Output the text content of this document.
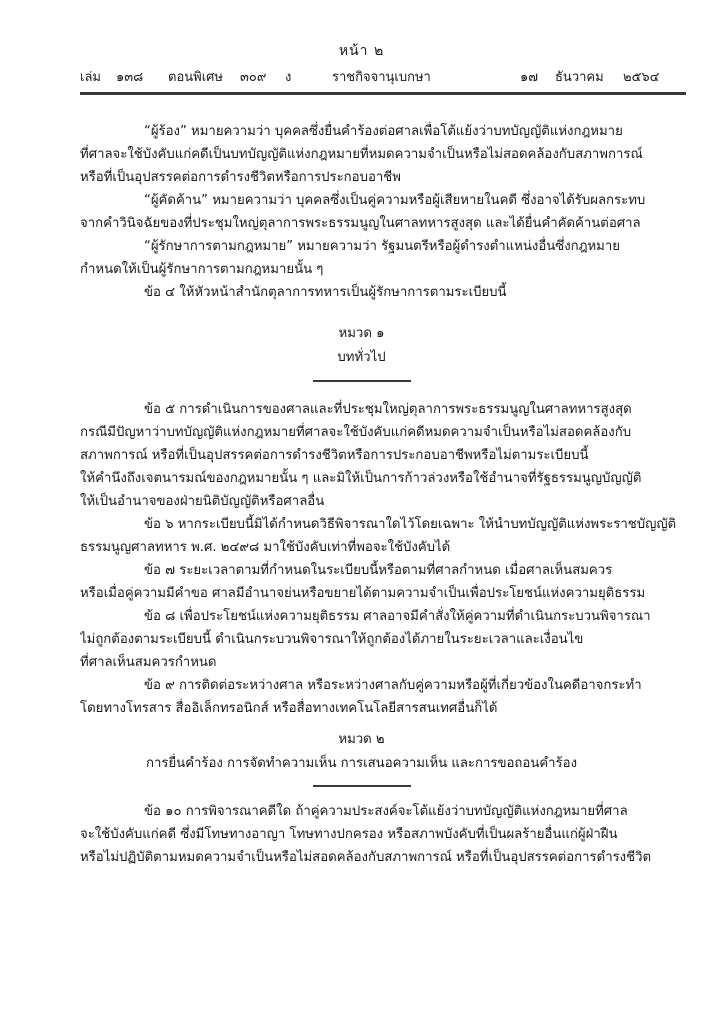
หน้า ๒
เล่ม ๑๓๘ ตอนพิเศษ ๓๐๙ ง	ราชกิจจานุเบกษา	๑๗ ธันวาคม ๒๕๖๔

“ผู้ร้อง” หมายความว่า บุคคลซึ่งยื่นคำร้องต่อศาลเพื่อโต้แย้งว่าบทบัญญัติแห่งกฎหมาย
ที่ศาลจะใช้บังคับแก่คดีเป็นบทบัญญัติแห่งกฎหมายที่หมดความจำเป็นหรือไม่สอดคล้องกับสภาพการณ์
หรือที่เป็นอุปสรรคต่อการดำรงชีวิตหรือการประกอบอาชีพ

“ผู้คัดค้าน” หมายความว่า บุคคลซึ่งเป็นคู่ความหรือผู้เสียหายในคดี ซึ่งอาจได้รับผลกระทบ
จากคำวินิจฉัยของที่ประชุมใหญ่ตุลาการพระธรรมนูญในศาลทหารสูงสุด และได้ยื่นคำคัดค้านต่อศาล

“ผู้รักษาการตามกฎหมาย” หมายความว่า รัฐมนตรีหรือผู้ดำรงตำแหน่งอื่นซึ่งกฎหมาย
กำหนดให้เป็นผู้รักษาการตามกฎหมายนั้น ๆ

ข้อ ๔ ให้หัวหน้าสำนักตุลาการทหารเป็นผู้รักษาการตามระเบียบนี้

หมวด ๑
บททั่วไป

ข้อ ๕ การดำเนินการของศาลและที่ประชุมใหญ่ตุลาการพระธรรมนูญในศาลทหารสูงสุด
กรณีมีปัญหาว่าบทบัญญัติแห่งกฎหมายที่ศาลจะใช้บังคับแก่คดีหมดความจำเป็นหรือไม่สอดคล้องกับ
สภาพการณ์ หรือที่เป็นอุปสรรคต่อการดำรงชีวิตหรือการประกอบอาชีพหรือไม่ตามระเบียบนี้
ให้คำนึงถึงเจตนารมณ์ของกฎหมายนั้น ๆ และมิให้เป็นการก้าวล่วงหรือใช้อำนาจที่รัฐธรรมนูญบัญญัติ
ให้เป็นอำนาจของฝ่ายนิติบัญญัติหรือศาลอื่น

ข้อ ๖ หากระเบียบนี้มิได้กำหนดวิธีพิจารณาใดไว้โดยเฉพาะ ให้นำบทบัญญัติแห่งพระราชบัญญัติ
ธรรมนูญศาลทหาร พ.ศ. ๒๔๙๘ มาใช้บังคับเท่าที่พอจะใช้บังคับได้

ข้อ ๗ ระยะเวลาตามที่กำหนดในระเบียบนี้หรือตามที่ศาลกำหนด เมื่อศาลเห็นสมควร
หรือเมื่อคู่ความมีคำขอ ศาลมีอำนาจย่นหรือขยายได้ตามความจำเป็นเพื่อประโยชน์แห่งความยุติธรรม

ข้อ ๘ เพื่อประโยชน์แห่งความยุติธรรม ศาลอาจมีคำสั่งให้คู่ความที่ดำเนินกระบวนพิจารณา
ไม่ถูกต้องตามระเบียบนี้ ดำเนินกระบวนพิจารณาให้ถูกต้องได้ภายในระยะเวลาและเงื่อนไข
ที่ศาลเห็นสมควรกำหนด

ข้อ ๙ การติดต่อระหว่างศาล หรือระหว่างศาลกับคู่ความหรือผู้ที่เกี่ยวข้องในคดีอาจกระทำ
โดยทางโทรสาร สื่ออิเล็กทรอนิกส์ หรือสื่อทางเทคโนโลยีสารสนเทศอื่นก็ได้

หมวด ๒
การยื่นคำร้อง การจัดทำความเห็น การเสนอความเห็น และการขอถอนคำร้อง

ข้อ ๑๐ การพิจารณาคดีใด ถ้าคู่ความประสงค์จะโต้แย้งว่าบทบัญญัติแห่งกฎหมายที่ศาล
จะใช้บังคับแก่คดี ซึ่งมีโทษทางอาญา โทษทางปกครอง หรือสภาพบังคับที่เป็นผลร้ายอื่นแก่ผู้ฝ่าฝืน
หรือไม่ปฏิบัติตามหมดความจำเป็นหรือไม่สอดคล้องกับสภาพการณ์ หรือที่เป็นอุปสรรคต่อการดำรงชีวิต
